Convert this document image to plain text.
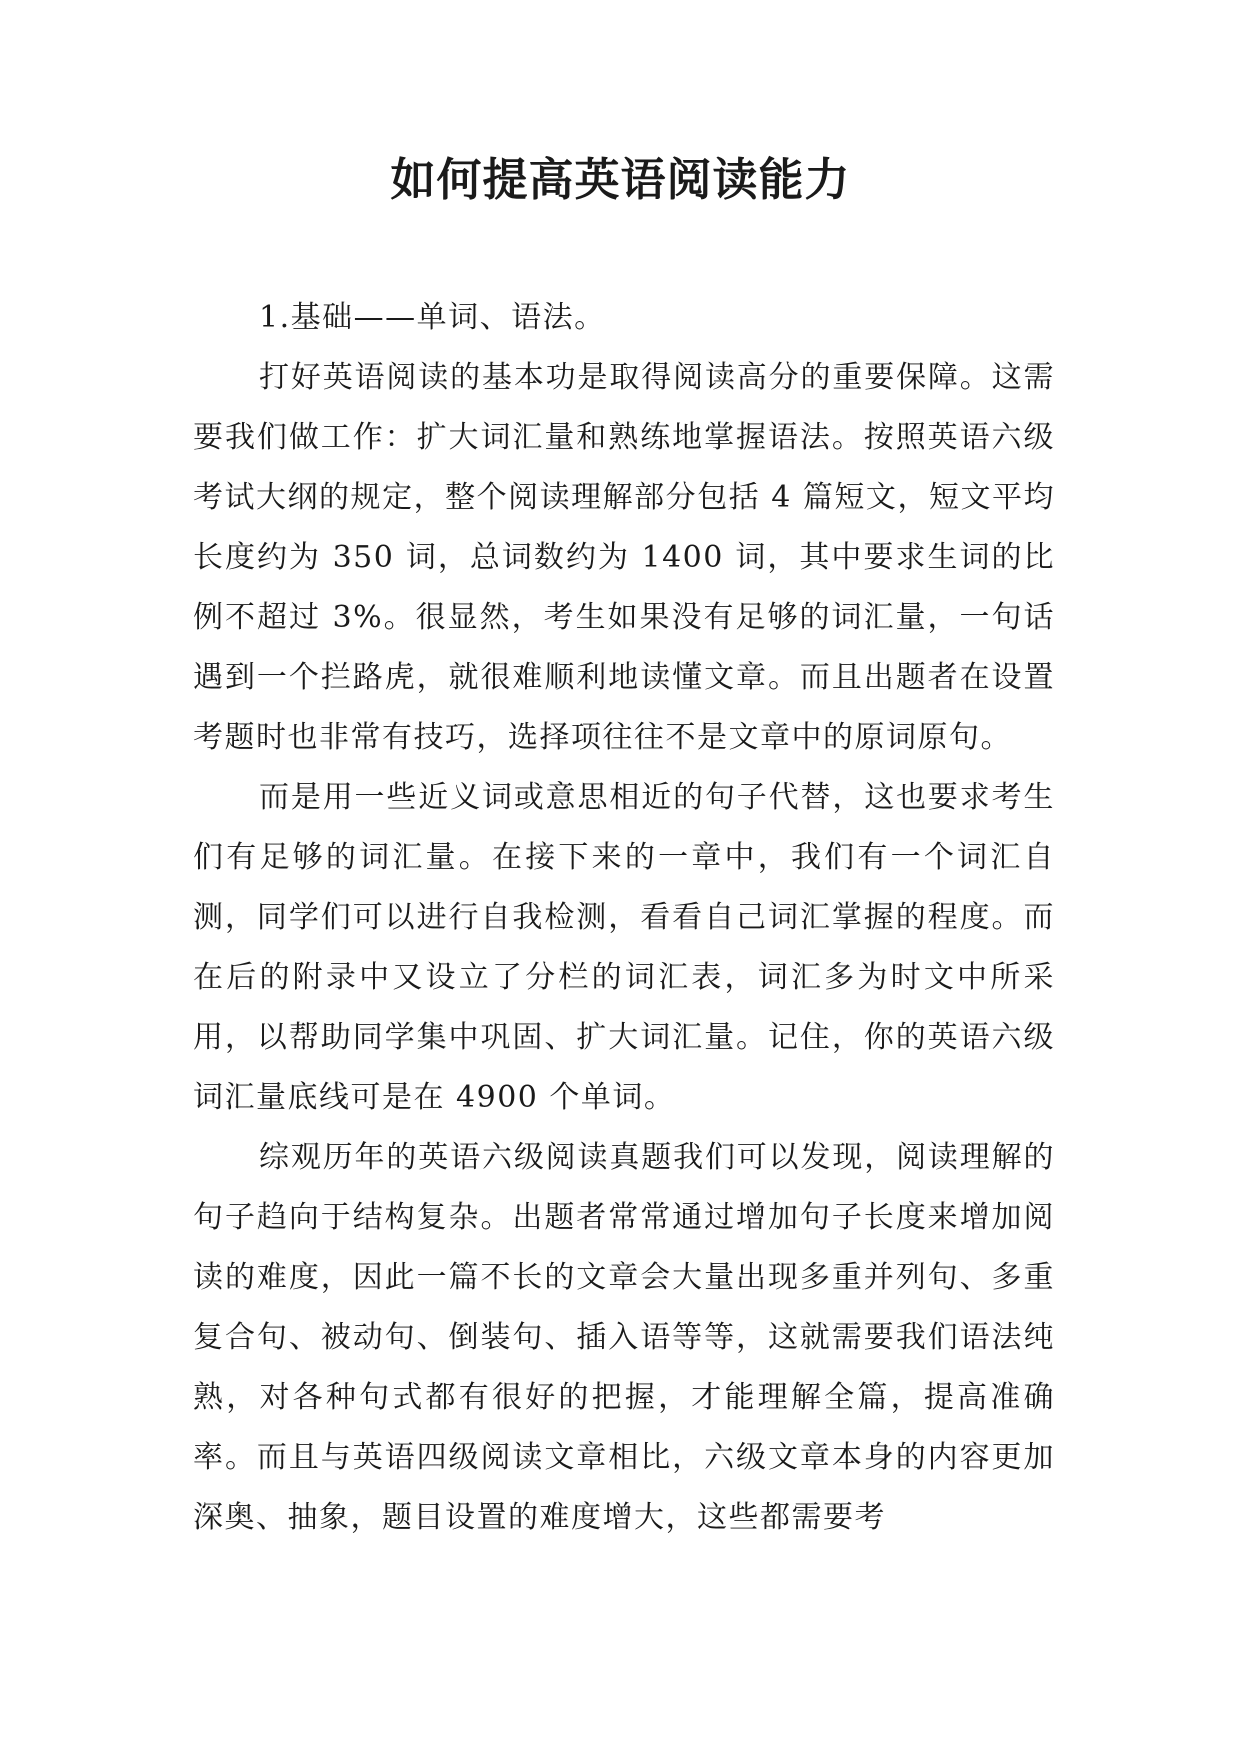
如何提高英语阅读能力

1.基础——单词、语法。

打好英语阅读的基本功是取得阅读高分的重要保障。这需要我们做工作：扩大词汇量和熟练地掌握语法。按照英语六级考试大纲的规定，整个阅读理解部分包括 4 篇短文，短文平均长度约为 350 词，总词数约为 1400 词，其中要求生词的比例不超过 3%。很显然，考生如果没有足够的词汇量，一句话遇到一个拦路虎，就很难顺利地读懂文章。而且出题者在设置考题时也非常有技巧，选择项往往不是文章中的原词原句。

而是用一些近义词或意思相近的句子代替，这也要求考生们有足够的词汇量。在接下来的一章中，我们有一个词汇自测，同学们可以进行自我检测，看看自己词汇掌握的程度。而在后的附录中又设立了分栏的词汇表，词汇多为时文中所采用，以帮助同学集中巩固、扩大词汇量。记住，你的英语六级词汇量底线可是在 4900 个单词。

综观历年的英语六级阅读真题我们可以发现，阅读理解的句子趋向于结构复杂。出题者常常通过增加句子长度来增加阅读的难度，因此一篇不长的文章会大量出现多重并列句、多重复合句、被动句、倒装句、插入语等等，这就需要我们语法纯熟，对各种句式都有很好的把握，才能理解全篇，提高准确率。而且与英语四级阅读文章相比，六级文章本身的内容更加深奥、抽象，题目设置的难度增大，这些都需要考
